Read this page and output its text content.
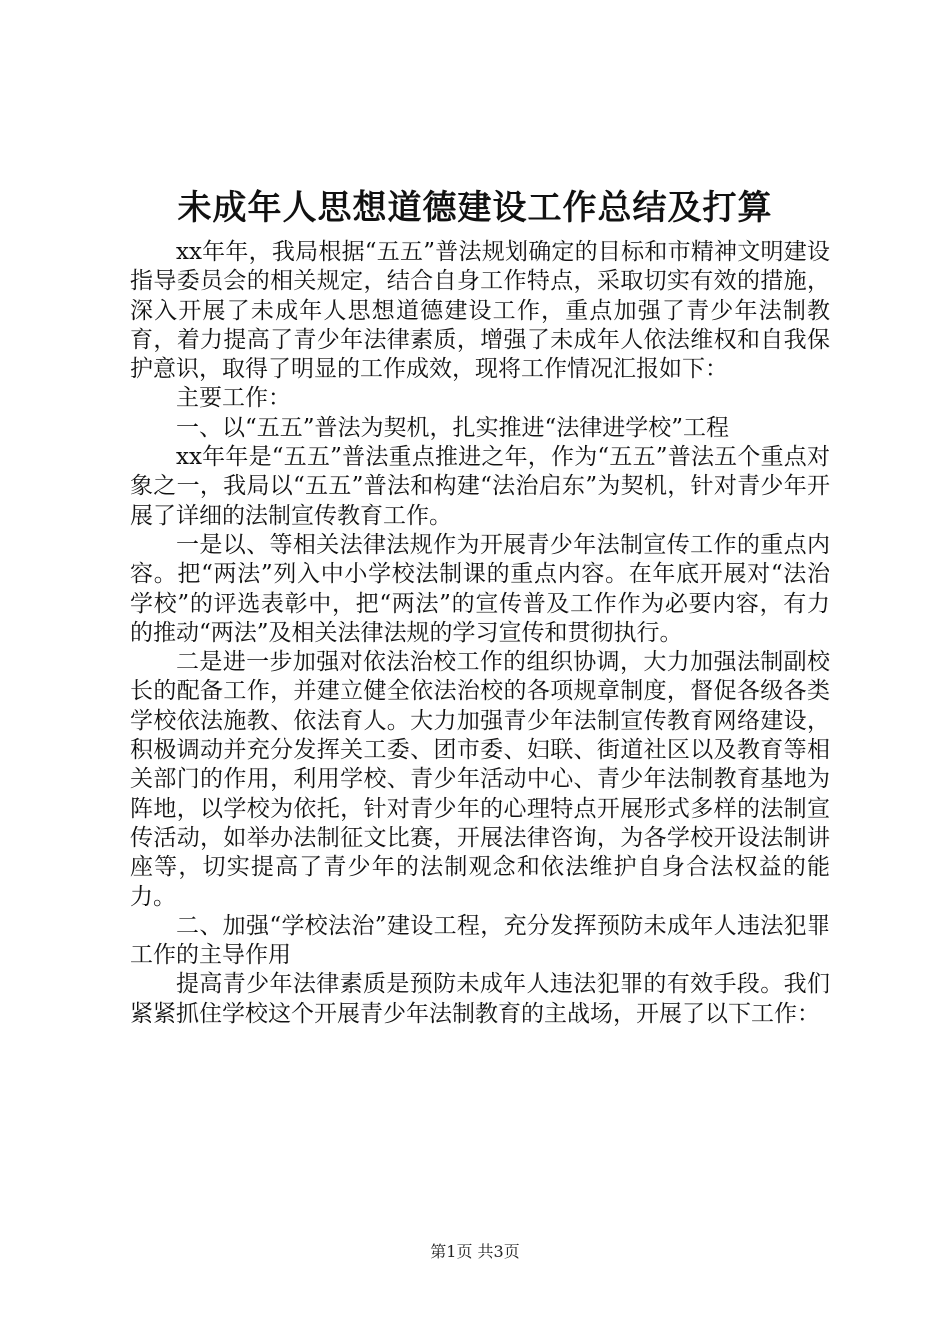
未成年人思想道德建设工作总结及打算

xx年年，我局根据“五五”普法规划确定的目标和市精神文明建设指导委员会的相关规定，结合自身工作特点，采取切实有效的措施，深入开展了未成年人思想道德建设工作，重点加强了青少年法制教育，着力提高了青少年法律素质，增强了未成年人依法维权和自我保护意识，取得了明显的工作成效，现将工作情况汇报如下：

主要工作：

一、以“五五”普法为契机，扎实推进“法律进学校”工程

xx年年是“五五”普法重点推进之年，作为“五五”普法五个重点对象之一，我局以“五五”普法和构建“法治启东”为契机，针对青少年开展了详细的法制宣传教育工作。

一是以、等相关法律法规作为开展青少年法制宣传工作的重点内容。把“两法”列入中小学校法制课的重点内容。在年底开展对“法治学校”的评选表彰中，把“两法”的宣传普及工作作为必要内容，有力的推动“两法”及相关法律法规的学习宣传和贯彻执行。

二是进一步加强对依法治校工作的组织协调，大力加强法制副校长的配备工作，并建立健全依法治校的各项规章制度，督促各级各类学校依法施教、依法育人。大力加强青少年法制宣传教育网络建设，积极调动并充分发挥关工委、团市委、妇联、街道社区以及教育等相关部门的作用，利用学校、青少年活动中心、青少年法制教育基地为阵地，以学校为依托，针对青少年的心理特点开展形式多样的法制宣传活动，如举办法制征文比赛，开展法律咨询，为各学校开设法制讲座等，切实提高了青少年的法制观念和依法维护自身合法权益的能力。

二、加强“学校法治”建设工程，充分发挥预防未成年人违法犯罪工作的主导作用

提高青少年法律素质是预防未成年人违法犯罪的有效手段。我们紧紧抓住学校这个开展青少年法制教育的主战场，开展了以下工作：

第1页 共3页
